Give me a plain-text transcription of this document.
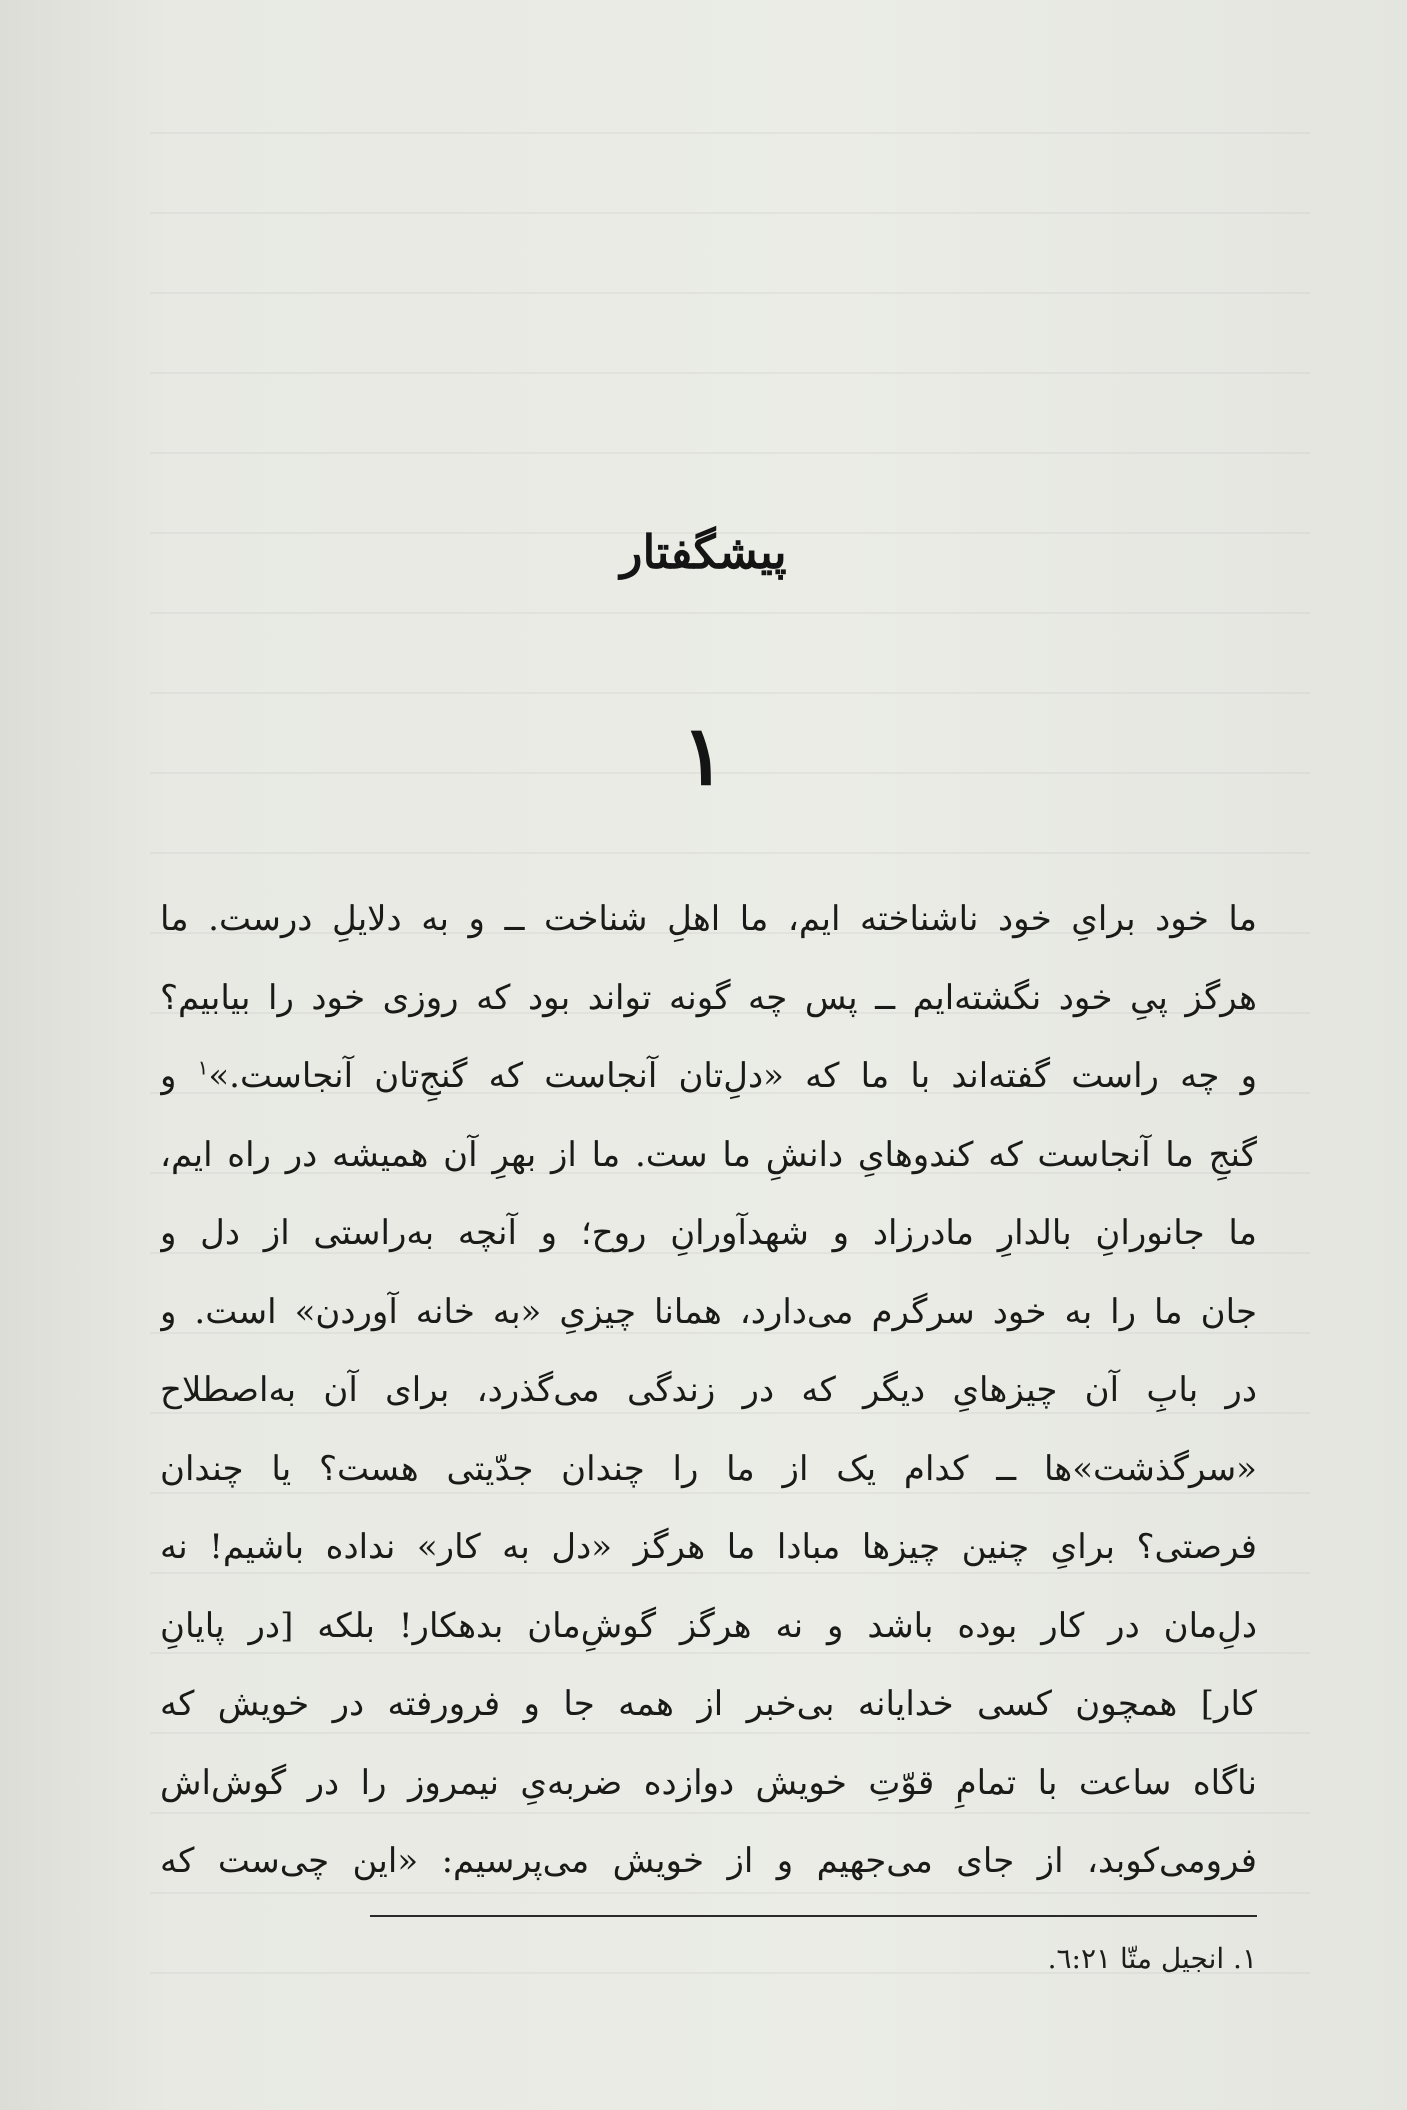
پیشگفتار
١
ما خود برایِ خود ناشناخته ایم، ما اهلِ شناخت ــ و به دلایلِ درست. ما
هرگز پیِ خود نگشته‌ایم ــ پس چه گونه تواند بود که روزی خود را بیابیم؟
و چه راست گفته‌اند با ما که «دلِ‌تان آنجاست که گنجِ‌تان آنجاست.»$^١$ و
گنجِ ما آنجاست که کندوهایِ دانشِ ما ست. ما از بهرِ آن همیشه در راه ایم،
ما جانورانِ بالدارِ مادرزاد و شهدآورانِ روح؛ و آنچه به‌راستی از دل و
جان ما را به خود سرگرم می‌دارد، همانا چیزیِ «به خانه آوردن» است. و
در بابِ آن چیزهایِ دیگر که در زندگی می‌گذرد، برای آن به‌اصطلاح
«سرگذشت»‌ها ــ کدام یک از ما را چندان جدّیتی هست؟ یا چندان
فرصتی؟ برایِ چنین چیزها مبادا ما هرگز «دل به کار» نداده باشیم! نه
دلِ‌مان در کار بوده باشد و نه هرگز گوشِ‌مان بدهکار! بلکه [در پایانِ
کار] همچون کسی خدایانه بی‌خبر از همه جا و فرورفته در خویش که
ناگاه ساعت با تمامِ قوّتِ خویش دوازده ضربه‌یِ نیمروز را در گوش‌اش
فرومی‌کوبد، از جای می‌جهیم و از خویش می‌پرسیم: «این چی‌ست که
١. انجیل متّا ٦:٢١.
